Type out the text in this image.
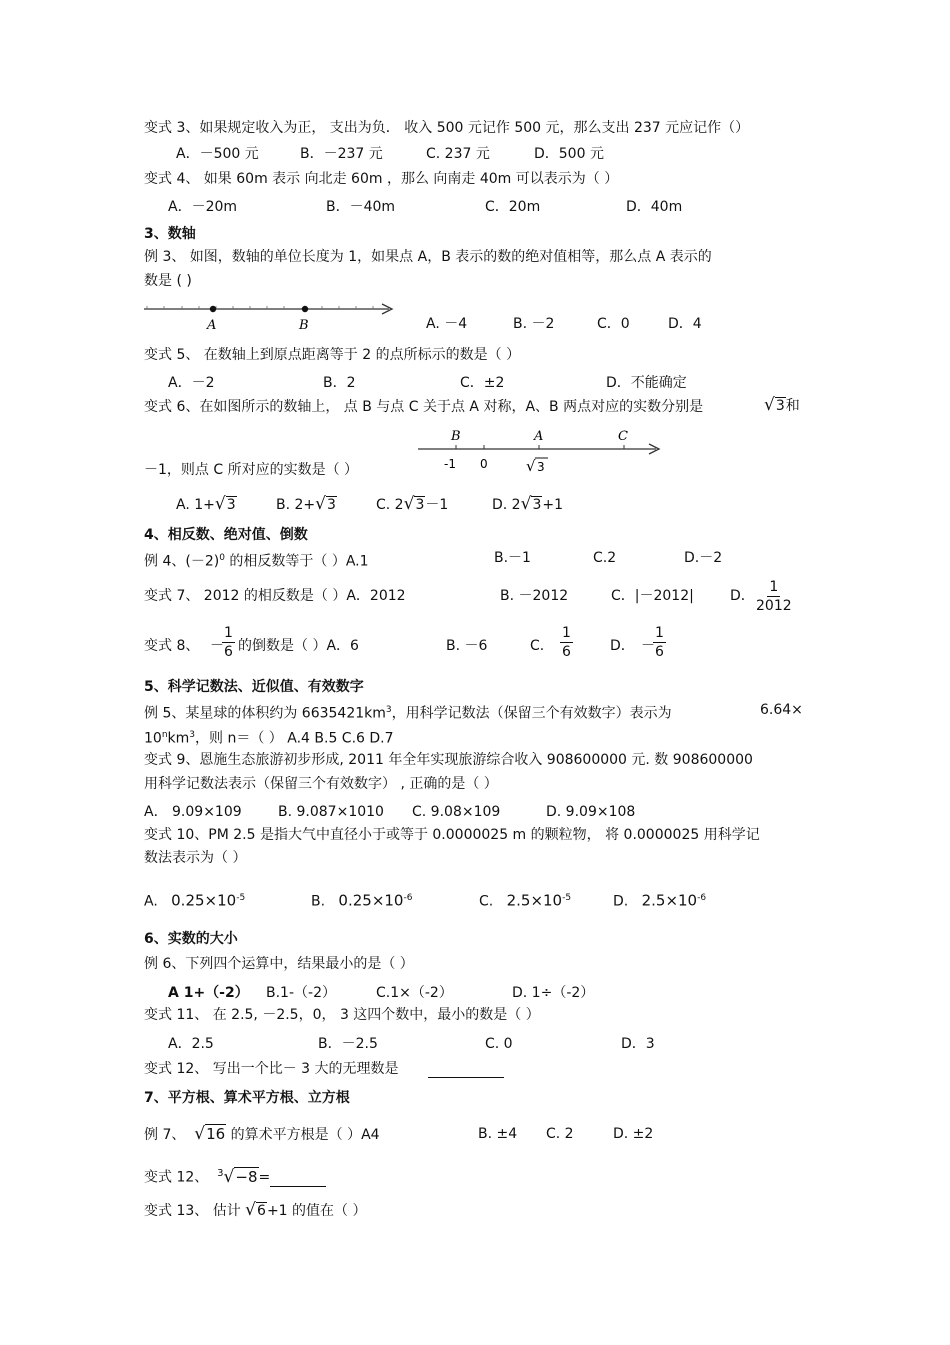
变式 3、如果规定收入为正， 支出为负． 收入 500 元记作 500 元，那么支出 237 元应记作（）
A．－500 元	B．－237 元	C. 237 元	D．500 元
变式 4、 如果 60m 表示 向北走 60m ，那么 向南走 40m 可以表示为（ ）
A．－20m	B．－40m	C．20m	D．40m
3、数轴
例 3、 如图，数轴的单位长度为 1，如果点 A，B 表示的数的绝对值相等，那么点 A 表示的
数是 ( )
A	B	A. －4	B. －2	C．0	D．4
变式 5、 在数轴上到原点距离等于 2 的点所标示的数是（ ）
A．－2	B．2	C．±2	D．不能确定
变式 6、在如图所示的数轴上， 点 B 与点 C 关于点 A 对称，A、B 两点对应的实数分别是	√3和
B	A	C
-1 0	√ 3
－1，则点 C 所对应的实数是（ ）
A. 1+√3	B. 2+√3	C. 2√3－1	D. 2√3+1
4、相反数、绝对值、倒数
例 4、$(-2)^0$ 的相反数等于（ ）A.1	B.－1	C.2	D.－2
变式 7、 2012 的相反数是（ ）A．2012	B. －2012	C．|－2012|	D． $\frac{1}{2012}$
变式 8、 －
$\frac{1}{6}$ 的倒数是（ ）A．6	B. －6	C. $\frac{1}{6}$	D． －
$\frac{1}{6}$
5、科学记数法、近似值、有效数字
例 5、某星球的体积约为 $6635421km^3$，用科学记数法（保留三个有效数字）表示为	6.64×
$10^nkm^3$，则 n＝（ ） A.4 B.5 C.6 D.7
变式 9、恩施生态旅游初步形成, 2011 年全年实现旅游综合收入 908600000 元. 数 908600000
用科学记数法表示（保留三个有效数字） , 正确的是（ ）
A． 9.09×109	B. 9.087×1010 C. 9.08×109	D. 9.09×108
变式 10、PM 2.5 是指大气中直径小于或等于 0.0000025 m 的颗粒物， 将 0.0000025 用科学记
数法表示为（ ）
A. $0.25\times 10^{-5}$	B. $0.25\times 10^{-6}$	C. $2.5\times 10^{-5}$	D. $2.5\times 10^{-6}$
6、实数的大小
例 6、下列四个运算中，结果最小的是（ ）
A 1+（-2） B.1-（-2）	C.1×（-2）	D. 1÷（-2）
变式 11、 在 2.5, －2.5，0， 3 这四个数中，最小的数是（ ）
A．2.5	B．－2.5	C. 0	D．3
变式 12、 写出一个比－ 3 大的无理数是
7、平方根、算术平方根、立方根
例 7、 √16 的算术平方根是（ ）A4	B. ±4 C. 2	D. ±2
变式 12、 $^3$√−8=
变式 13、 估计 √6+1 的值在（ ）
